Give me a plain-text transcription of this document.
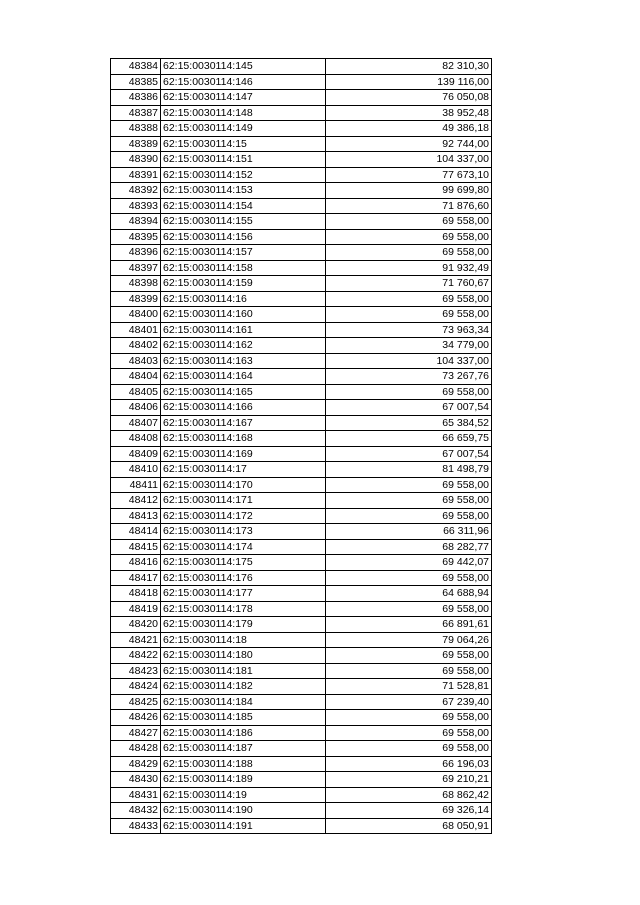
48384	62:15:0030114:145	82 310,30
48385	62:15:0030114:146	139 116,00
48386	62:15:0030114:147	76 050,08
48387	62:15:0030114:148	38 952,48
48388	62:15:0030114:149	49 386,18
48389	62:15:0030114:15	92 744,00
48390	62:15:0030114:151	104 337,00
48391	62:15:0030114:152	77 673,10
48392	62:15:0030114:153	99 699,80
48393	62:15:0030114:154	71 876,60
48394	62:15:0030114:155	69 558,00
48395	62:15:0030114:156	69 558,00
48396	62:15:0030114:157	69 558,00
48397	62:15:0030114:158	91 932,49
48398	62:15:0030114:159	71 760,67
48399	62:15:0030114:16	69 558,00
48400	62:15:0030114:160	69 558,00
48401	62:15:0030114:161	73 963,34
48402	62:15:0030114:162	34 779,00
48403	62:15:0030114:163	104 337,00
48404	62:15:0030114:164	73 267,76
48405	62:15:0030114:165	69 558,00
48406	62:15:0030114:166	67 007,54
48407	62:15:0030114:167	65 384,52
48408	62:15:0030114:168	66 659,75
48409	62:15:0030114:169	67 007,54
48410	62:15:0030114:17	81 498,79
48411	62:15:0030114:170	69 558,00
48412	62:15:0030114:171	69 558,00
48413	62:15:0030114:172	69 558,00
48414	62:15:0030114:173	66 311,96
48415	62:15:0030114:174	68 282,77
48416	62:15:0030114:175	69 442,07
48417	62:15:0030114:176	69 558,00
48418	62:15:0030114:177	64 688,94
48419	62:15:0030114:178	69 558,00
48420	62:15:0030114:179	66 891,61
48421	62:15:0030114:18	79 064,26
48422	62:15:0030114:180	69 558,00
48423	62:15:0030114:181	69 558,00
48424	62:15:0030114:182	71 528,81
48425	62:15:0030114:184	67 239,40
48426	62:15:0030114:185	69 558,00
48427	62:15:0030114:186	69 558,00
48428	62:15:0030114:187	69 558,00
48429	62:15:0030114:188	66 196,03
48430	62:15:0030114:189	69 210,21
48431	62:15:0030114:19	68 862,42
48432	62:15:0030114:190	69 326,14
48433	62:15:0030114:191	68 050,91
